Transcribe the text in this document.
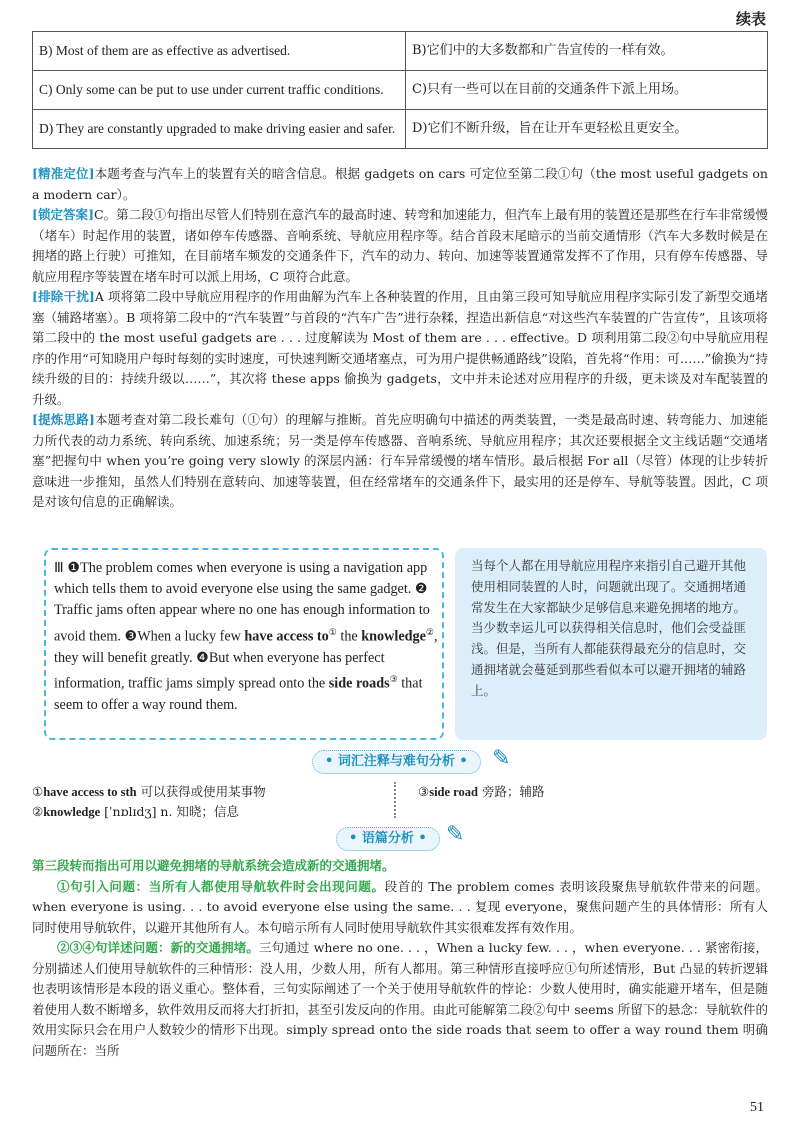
续表
B) Most of them are as effective as advertised.	B)它们中的大多数都和广告宣传的一样有效。
C) Only some can be put to use under current traffic conditions.	C)只有一些可以在目前的交通条件下派上用场。
D) They are constantly upgraded to make driving easier and safer.	D)它们不断升级，旨在让开车更轻松且更安全。
[精准定位]本题考查与汽车上的装置有关的暗含信息。根据 gadgets on cars 可定位至第二段①句（the most useful gadgets on a modern car）。
[锁定答案]C。第二段①句指出尽管人们特别在意汽车的最高时速、转弯和加速能力，但汽车上最有用的装置还是那些在行车非常缓慢（堵车）时起作用的装置，诸如停车传感器、音响系统、导航应用程序等。结合首段末尾暗示的当前交通情形（汽车大多数时候是在拥堵的路上行驶）可推知，在目前堵车频发的交通条件下，汽车的动力、转向、加速等装置通常发挥不了作用，只有停车传感器、导航应用程序等装置在堵车时可以派上用场，C 项符合此意。
[排除干扰]A 项将第二段中导航应用程序的作用曲解为汽车上各种装置的作用，且由第三段可知导航应用程序实际引发了新型交通堵塞（辅路堵塞）。B 项将第二段中的“汽车装置”与首段的“汽车广告”进行杂糅，捏造出新信息“对这些汽车装置的广告宣传”，且该项将第二段中的 the most useful gadgets are . . . 过度解读为 Most of them are . . . effective。D 项利用第二段②句中导航应用程序的作用“可知晓用户每时每刻的实时速度，可快速判断交通堵塞点，可为用户提供畅通路线”设陷，首先将“作用：可……”偷换为“持续升级的目的：持续升级以……”，其次将 these apps 偷换为 gadgets，文中并未论述对应用程序的升级，更未谈及对车配装置的升级。
[提炼思路]本题考查对第二段长难句（①句）的理解与推断。首先应明确句中描述的两类装置，一类是最高时速、转弯能力、加速能力所代表的动力系统、转向系统、加速系统；另一类是停车传感器、音响系统、导航应用程序；其次还要根据全文主线话题“交通堵塞”把握句中 when you’re going very slowly 的深层内涵：行车异常缓慢的堵车情形。最后根据 For all（尽管）体现的让步转折意味进一步推知，虽然人们特别在意转向、加速等装置，但在经常堵车的交通条件下，最实用的还是停车、导航等装置。因此，C 项是对该句信息的正确解读。
Ⅲ ❶The problem comes when everyone is using a navigation app which tells them to avoid everyone else using the same gadget. ❷ Traffic jams often appear where no one has enough information to avoid them. ❸When a lucky few have access to① the knowledge②, they will benefit greatly. ❹But when everyone has perfect information, traffic jams simply spread onto the side roads③ that seem to offer a way round them.
当每个人都在用导航应用程序来指引自己避开其他使用相同装置的人时，问题就出现了。交通拥堵通常发生在大家都缺少足够信息来避免拥堵的地方。当少数幸运儿可以获得相关信息时，他们会受益匪浅。但是，当所有人都能获得最充分的信息时，交通拥堵就会蔓延到那些看似本可以避开拥堵的辅路上。
• 词汇注释与难句分析 •	✎
①have access to sth 可以获得或使用某事物
②knowledge [ˈnɒlɪdʒ] n. 知晓；信息
③side road 旁路；辅路
• 语篇分析 • ✎
第三段转而指出可用以避免拥堵的导航系统会造成新的交通拥堵。
①句引入问题：当所有人都使用导航软件时会出现问题。段首的 The problem comes 表明该段聚焦导航软件带来的问题。when everyone is using. . . to avoid everyone else using the same. . . 复现 everyone，聚焦问题产生的具体情形：所有人同时使用导航软件，以避开其他所有人。本句暗示所有人同时使用导航软件其实很难发挥有效作用。
②③④句详述问题：新的交通拥堵。三句通过 where no one. . . ，When a lucky few. . . ，when everyone. . . 紧密衔接，分别描述人们使用导航软件的三种情形：没人用，少数人用，所有人都用。第三种情形直接呼应①句所述情形，But 凸显的转折逻辑也表明该情形是本段的语义重心。整体看，三句实际阐述了一个关于使用导航软件的悖论：少数人使用时，确实能避开堵车，但是随着使用人数不断增多，软件效用反而将大打折扣，甚至引发反向的作用。由此可能解第二段②句中 seems 所留下的悬念：导航软件的效用实际只会在用户人数较少的情形下出现。simply spread onto the side roads that seem to offer a way round them 明确问题所在：当所
51
